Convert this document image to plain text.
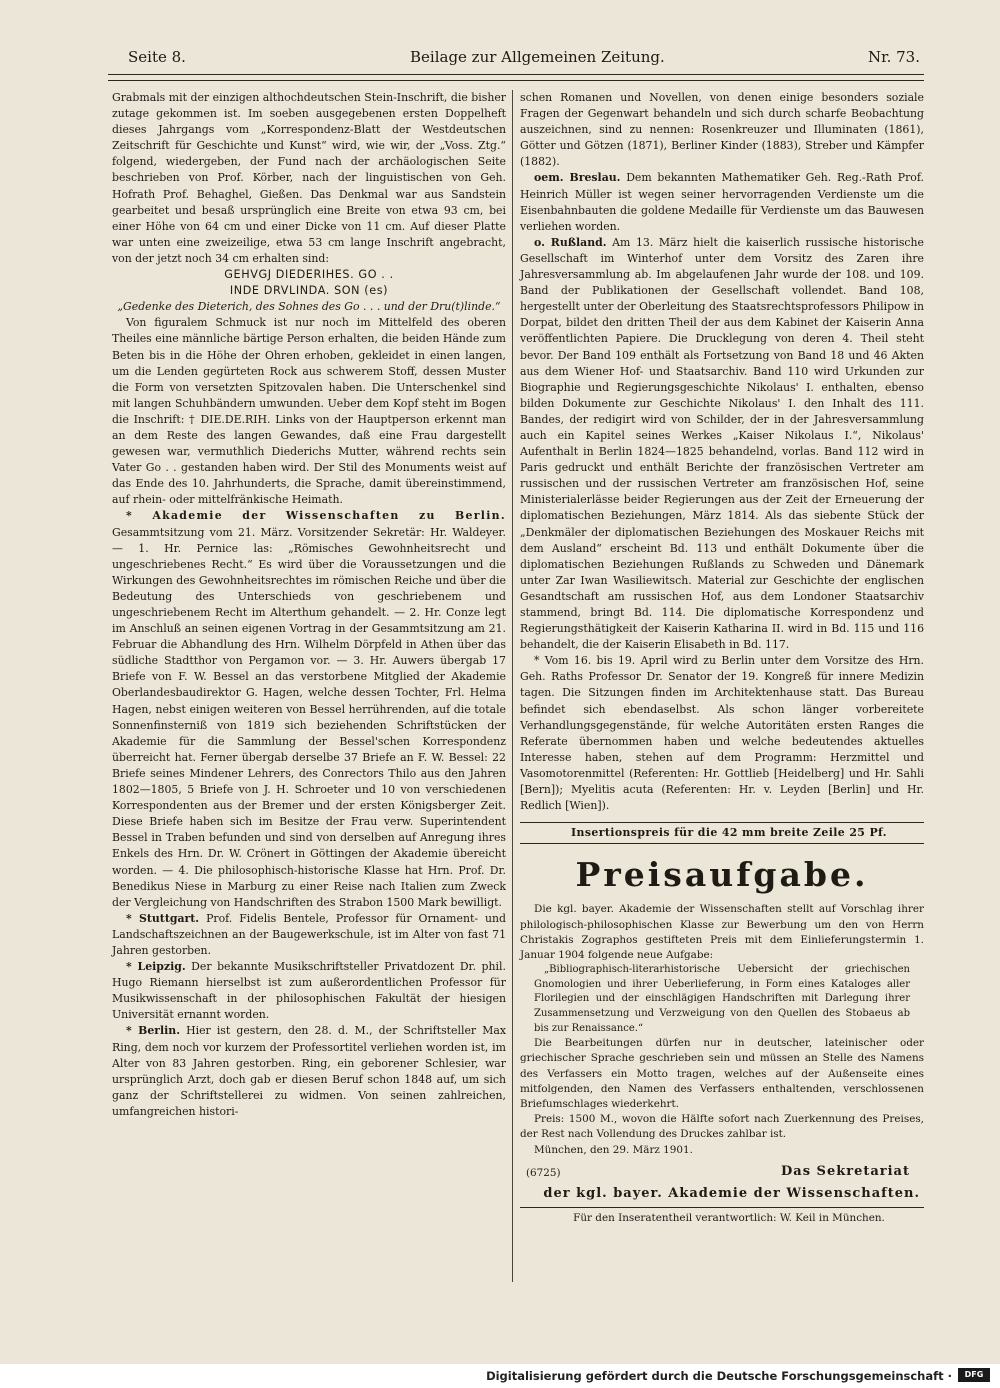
Seite 8.	Beilage zur Allgemeinen Zeitung.	Nr. 73.

Grabmals mit der einzigen althochdeutschen Stein-Inschrift, die bisher zutage gekommen ist. Im soeben ausgegebenen ersten Doppelheft dieses Jahrgangs vom „Korrespondenz-Blatt der Westdeutschen Zeitschrift für Geschichte und Kunst“ wird, wie wir, der „Voss. Ztg.“ folgend, wiedergeben, der Fund nach der archäologischen Seite beschrieben von Prof. Körber, nach der linguistischen von Geh. Hofrath Prof. Behaghel, Gießen. Das Denkmal war aus Sandstein gearbeitet und besaß ursprünglich eine Breite von etwa 93 cm, bei einer Höhe von 64 cm und einer Dicke von 11 cm. Auf dieser Platte war unten eine zweizeilige, etwa 53 cm lange Inschrift angebracht, von der jetzt noch 34 cm erhalten sind:

GEHVGJ DIEDERIHES. GO . .

INDE DRVLINDA. SON (es)

„Gedenke des Dieterich, des Sohnes des Go . . . und der Dru(t)linde.“

Von figuralem Schmuck ist nur noch im Mittelfeld des oberen Theiles eine männliche bärtige Person erhalten, die beiden Hände zum Beten bis in die Höhe der Ohren erhoben, gekleidet in einen langen, um die Lenden gegürteten Rock aus schwerem Stoff, dessen Muster die Form von versetzten Spitzovalen haben. Die Unterschenkel sind mit langen Schuhbändern umwunden. Ueber dem Kopf steht im Bogen die Inschrift: † DIE.DE.RIH. Links von der Hauptperson erkennt man an dem Reste des langen Gewandes, daß eine Frau dargestellt gewesen war, vermuthlich Diederichs Mutter, während rechts sein Vater Go . . gestanden haben wird. Der Stil des Monuments weist auf das Ende des 10. Jahrhunderts, die Sprache, damit übereinstimmend, auf rhein- oder mittelfränkische Heimath.

* Akademie der Wissenschaften zu Berlin. Gesammtsitzung vom 21. März. Vorsitzender Sekretär: Hr. Waldeyer. — 1. Hr. Pernice las: „Römisches Gewohnheitsrecht und ungeschriebenes Recht.“ Es wird über die Voraussetzungen und die Wirkungen des Gewohnheitsrechtes im römischen Reiche und über die Bedeutung des Unterschieds von geschriebenem und ungeschriebenem Recht im Alterthum gehandelt. — 2. Hr. Conze legt im Anschluß an seinen eigenen Vortrag in der Gesammtsitzung am 21. Februar die Abhandlung des Hrn. Wilhelm Dörpfeld in Athen über das südliche Stadtthor von Pergamon vor. — 3. Hr. Auwers übergab 17 Briefe von F. W. Bessel an das verstorbene Mitglied der Akademie Oberlandesbaudirektor G. Hagen, welche dessen Tochter, Frl. Helma Hagen, nebst einigen weiteren von Bessel herrührenden, auf die totale Sonnenfinsterniß von 1819 sich beziehenden Schriftstücken der Akademie für die Sammlung der Bessel'schen Korrespondenz überreicht hat. Ferner übergab derselbe 37 Briefe an F. W. Bessel: 22 Briefe seines Mindener Lehrers, des Conrectors Thilo aus den Jahren 1802—1805, 5 Briefe von J. H. Schroeter und 10 von verschiedenen Korrespondenten aus der Bremer und der ersten Königsberger Zeit. Diese Briefe haben sich im Besitze der Frau verw. Superintendent Bessel in Traben befunden und sind von derselben auf Anregung ihres Enkels des Hrn. Dr. W. Crönert in Göttingen der Akademie übereicht worden. — 4. Die philosophisch-historische Klasse hat Hrn. Prof. Dr. Benedikus Niese in Marburg zu einer Reise nach Italien zum Zweck der Vergleichung von Handschriften des Strabon 1500 Mark bewilligt.

* Stuttgart. Prof. Fidelis Bentele, Professor für Ornament- und Landschaftszeichnen an der Baugewerkschule, ist im Alter von fast 71 Jahren gestorben.

* Leipzig. Der bekannte Musikschriftsteller Privatdozent Dr. phil. Hugo Riemann hierselbst ist zum außerordentlichen Professor für Musikwissenschaft in der philosophischen Fakultät der hiesigen Universität ernannt worden.

* Berlin. Hier ist gestern, den 28. d. M., der Schriftsteller Max Ring, dem noch vor kurzem der Professortitel verliehen worden ist, im Alter von 83 Jahren gestorben. Ring, ein geborener Schlesier, war ursprünglich Arzt, doch gab er diesen Beruf schon 1848 auf, um sich ganz der Schriftstellerei zu widmen. Von seinen zahlreichen, umfangreichen histori-

schen Romanen und Novellen, von denen einige besonders soziale Fragen der Gegenwart behandeln und sich durch scharfe Beobachtung auszeichnen, sind zu nennen: Rosenkreuzer und Illuminaten (1861), Götter und Götzen (1871), Berliner Kinder (1883), Streber und Kämpfer (1882).

oem. Breslau. Dem bekannten Mathematiker Geh. Reg.-Rath Prof. Heinrich Müller ist wegen seiner hervorragenden Verdienste um die Eisenbahnbauten die goldene Medaille für Verdienste um das Bauwesen verliehen worden.

o. Rußland. Am 13. März hielt die kaiserlich russische historische Gesellschaft im Winterhof unter dem Vorsitz des Zaren ihre Jahresversammlung ab. Im abgelaufenen Jahr wurde der 108. und 109. Band der Publikationen der Gesellschaft vollendet. Band 108, hergestellt unter der Oberleitung des Staatsrechtsprofessors Philipow in Dorpat, bildet den dritten Theil der aus dem Kabinet der Kaiserin Anna veröffentlichten Papiere. Die Drucklegung von deren 4. Theil steht bevor. Der Band 109 enthält als Fortsetzung von Band 18 und 46 Akten aus dem Wiener Hof- und Staatsarchiv. Band 110 wird Urkunden zur Biographie und Regierungsgeschichte Nikolaus' I. enthalten, ebenso bilden Dokumente zur Geschichte Nikolaus' I. den Inhalt des 111. Bandes, der redigirt wird von Schilder, der in der Jahresversammlung auch ein Kapitel seines Werkes „Kaiser Nikolaus I.“, Nikolaus' Aufenthalt in Berlin 1824—1825 behandelnd, vorlas. Band 112 wird in Paris gedruckt und enthält Berichte der französischen Vertreter am russischen und der russischen Vertreter am französischen Hof, seine Ministerialerlässe beider Regierungen aus der Zeit der Erneuerung der diplomatischen Beziehungen, März 1814. Als das siebente Stück der „Denkmäler der diplomatischen Beziehungen des Moskauer Reichs mit dem Ausland“ erscheint Bd. 113 und enthält Dokumente über die diplomatischen Beziehungen Rußlands zu Schweden und Dänemark unter Zar Iwan Wasiliewitsch. Material zur Geschichte der englischen Gesandtschaft am russischen Hof, aus dem Londoner Staatsarchiv stammend, bringt Bd. 114. Die diplomatische Korrespondenz und Regierungsthätigkeit der Kaiserin Katharina II. wird in Bd. 115 und 116 behandelt, die der Kaiserin Elisabeth in Bd. 117.

* Vom 16. bis 19. April wird zu Berlin unter dem Vorsitze des Hrn. Geh. Raths Professor Dr. Senator der 19. Kongreß für innere Medizin tagen. Die Sitzungen finden im Architektenhause statt. Das Bureau befindet sich ebendaselbst. Als schon länger vorbereitete Verhandlungsgegenstände, für welche Autoritäten ersten Ranges die Referate übernommen haben und welche bedeutendes aktuelles Interesse haben, stehen auf dem Programm: Herzmittel und Vasomotorenmittel (Referenten: Hr. Gottlieb [Heidelberg] und Hr. Sahli [Bern]); Myelitis acuta (Referenten: Hr. v. Leyden [Berlin] und Hr. Redlich [Wien]).

Insertionspreis für die 42 mm breite Zeile 25 Pf.

Preisaufgabe.

Die kgl. bayer. Akademie der Wissenschaften stellt auf Vorschlag ihrer philologisch-philosophischen Klasse zur Bewerbung um den von Herrn Christakis Zographos gestifteten Preis mit dem Einlieferungstermin 1. Januar 1904 folgende neue Aufgabe:

„Bibliographisch-literarhistorische Uebersicht der griechischen Gnomologien und ihrer Ueberlieferung, in Form eines Kataloges aller Florilegien und der einschlägigen Handschriften mit Darlegung ihrer Zusammensetzung und Verzweigung von den Quellen des Stobaeus ab bis zur Renaissance.“

Die Bearbeitungen dürfen nur in deutscher, lateinischer oder griechischer Sprache geschrieben sein und müssen an Stelle des Namens des Verfassers ein Motto tragen, welches auf der Außenseite eines mitfolgenden, den Namen des Verfassers enthaltenden, verschlossenen Briefumschlages wiederkehrt.

Preis: 1500 M., wovon die Hälfte sofort nach Zuerkennung des Preises, der Rest nach Vollendung des Druckes zahlbar ist.

München, den 29. März 1901.

(6725)	Das Sekretariat
der kgl. bayer. Akademie der Wissenschaften.

Für den Inseratentheil verantwortlich: W. Keil in München.

Digitalisierung gefördert durch die Deutsche Forschungsgemeinschaft ·	DFG
